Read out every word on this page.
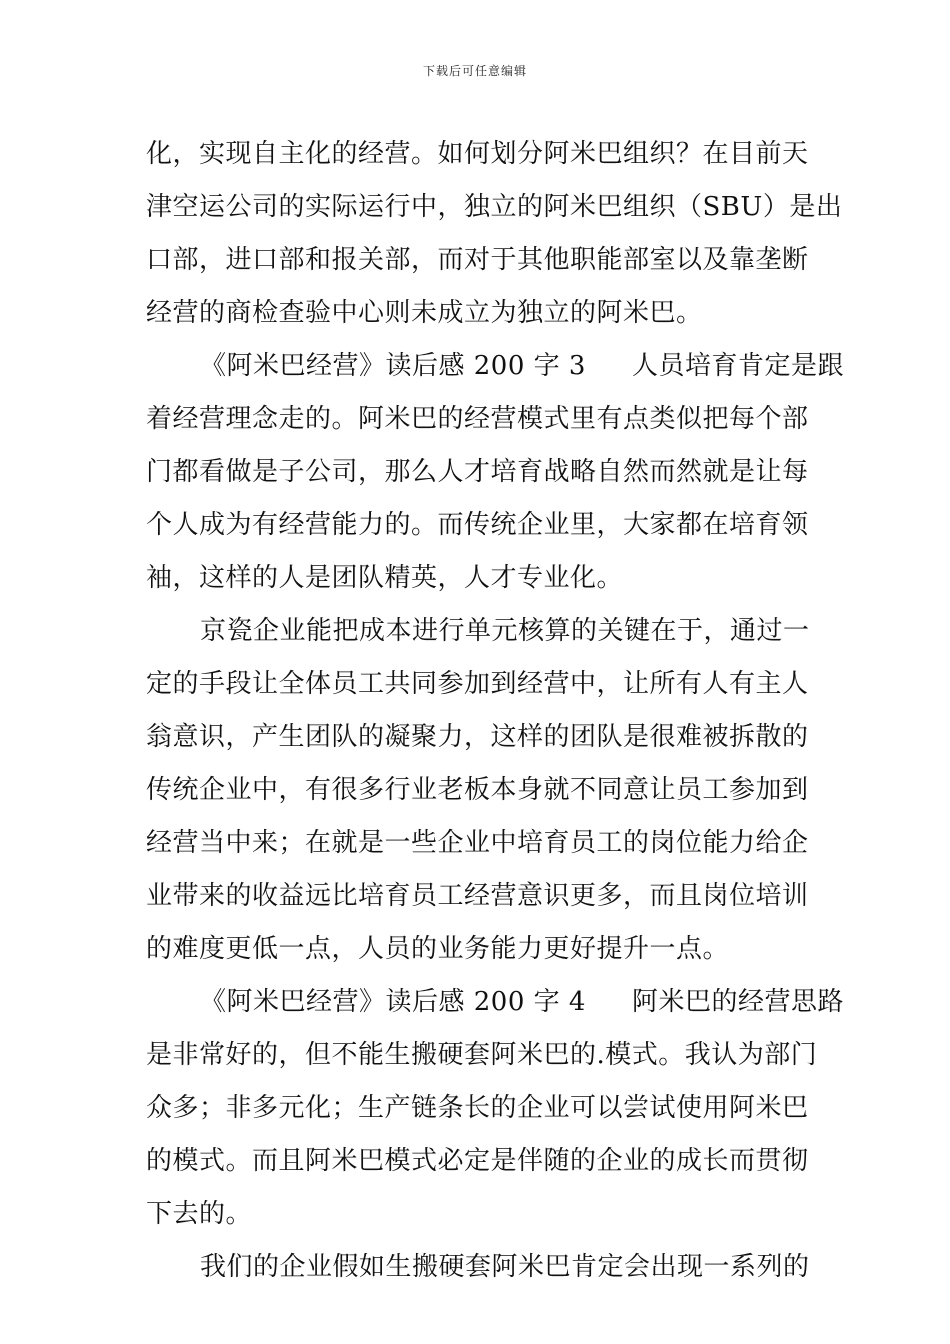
下载后可任意编辑
化，实现自主化的经营。如何划分阿米巴组织？在目前天
津空运公司的实际运行中，独立的阿米巴组织（SBU）是出
口部，进口部和报关部，而对于其他职能部室以及靠垄断
经营的商检查验中心则未成立为独立的阿米巴。
《阿米巴经营》读后感 200 字 3 人员培育肯定是跟
着经营理念走的。阿米巴的经营模式里有点类似把每个部
门都看做是子公司，那么人才培育战略自然而然就是让每
个人成为有经营能力的。而传统企业里，大家都在培育领
袖，这样的人是团队精英，人才专业化。
京瓷企业能把成本进行单元核算的关键在于，通过一
定的手段让全体员工共同参加到经营中，让所有人有主人
翁意识，产生团队的凝聚力，这样的团队是很难被拆散的
传统企业中，有很多行业老板本身就不同意让员工参加到
经营当中来；在就是一些企业中培育员工的岗位能力给企
业带来的收益远比培育员工经营意识更多，而且岗位培训
的难度更低一点，人员的业务能力更好提升一点。
《阿米巴经营》读后感 200 字 4 阿米巴的经营思路
是非常好的，但不能生搬硬套阿米巴的.模式。我认为部门
众多；非多元化；生产链条长的企业可以尝试使用阿米巴
的模式。而且阿米巴模式必定是伴随的企业的成长而贯彻
下去的。
我们的企业假如生搬硬套阿米巴肯定会出现一系列的
